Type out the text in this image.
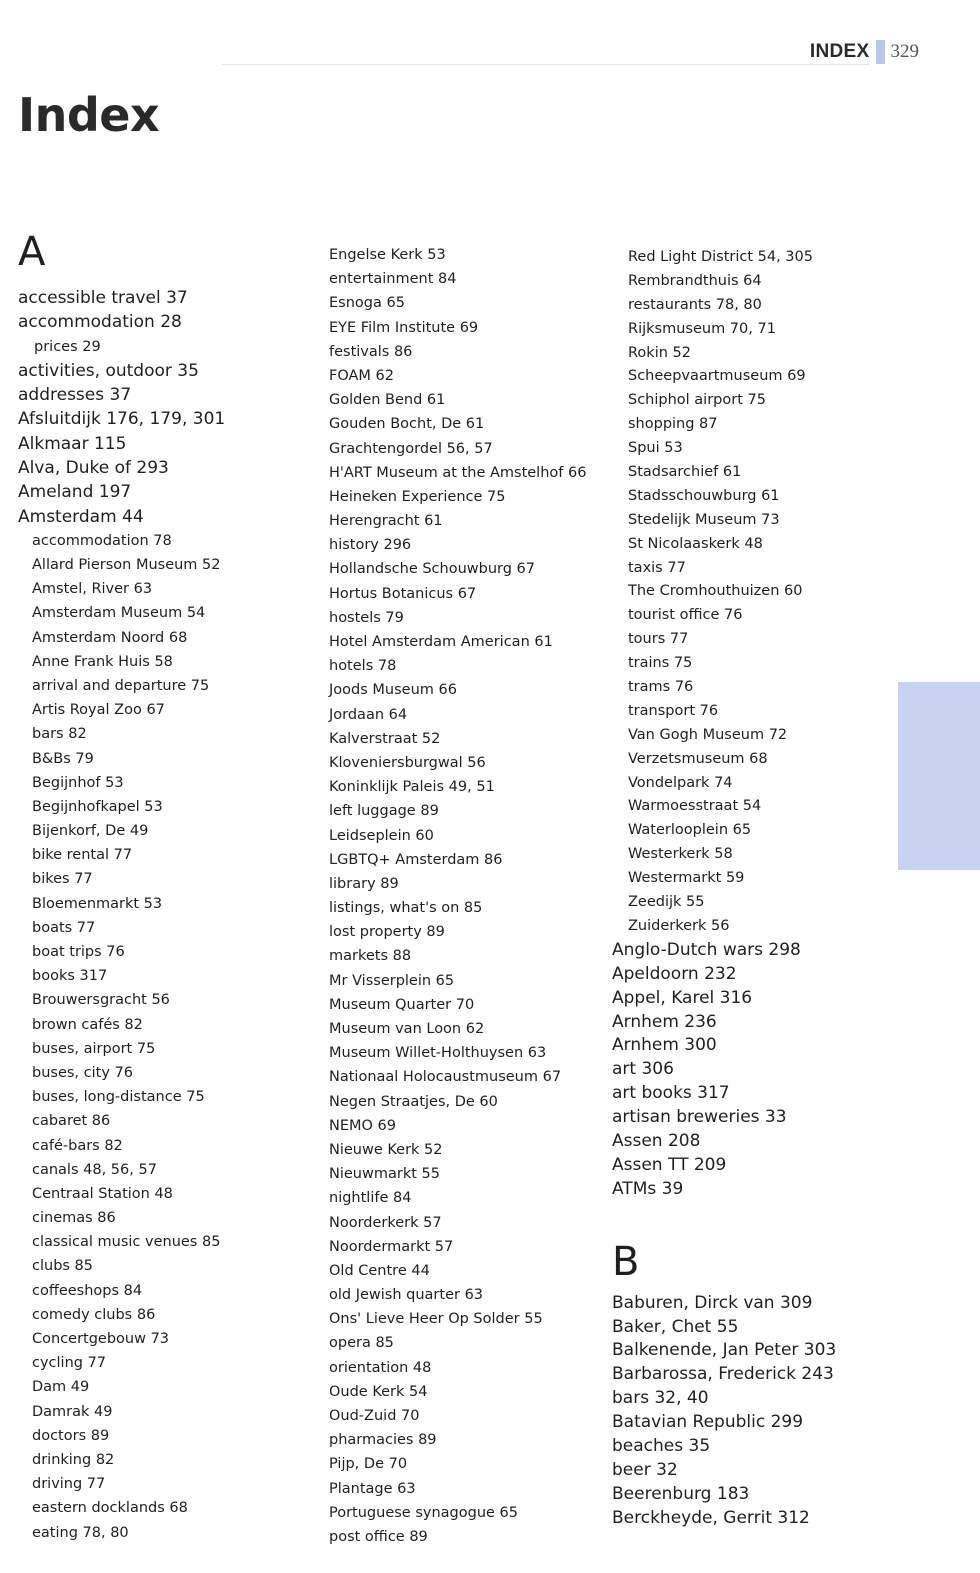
INDEX 329
Index
A
accessible travel 37
accommodation 28
prices 29
activities, outdoor 35
addresses 37
Afsluitdijk 176, 179, 301
Alkmaar 115
Alva, Duke of 293
Ameland 197
Amsterdam 44
accommodation 78
Allard Pierson Museum 52
Amstel, River 63
Amsterdam Museum 54
Amsterdam Noord 68
Anne Frank Huis 58
arrival and departure 75
Artis Royal Zoo 67
bars 82
B&Bs 79
Begijnhof 53
Begijnhofkapel 53
Bijenkorf, De 49
bike rental 77
bikes 77
Bloemenmarkt 53
boats 77
boat trips 76
books 317
Brouwersgracht 56
brown cafés 82
buses, airport 75
buses, city 76
buses, long-distance 75
cabaret 86
café-bars 82
canals 48, 56, 57
Centraal Station 48
cinemas 86
classical music venues 85
clubs 85
coffeeshops 84
comedy clubs 86
Concertgebouw 73
cycling 77
Dam 49
Damrak 49
doctors 89
drinking 82
driving 77
eastern docklands 68
eating 78, 80
Engelse Kerk 53
entertainment 84
Esnoga 65
EYE Film Institute 69
festivals 86
FOAM 62
Golden Bend 61
Gouden Bocht, De 61
Grachtengordel 56, 57
H'ART Museum at the Amstelhof 66
Heineken Experience 75
Herengracht 61
history 296
Hollandsche Schouwburg 67
Hortus Botanicus 67
hostels 79
Hotel Amsterdam American 61
hotels 78
Joods Museum 66
Jordaan 64
Kalverstraat 52
Kloveniersburgwal 56
Koninklijk Paleis 49, 51
left luggage 89
Leidseplein 60
LGBTQ+ Amsterdam 86
library 89
listings, what's on 85
lost property 89
markets 88
Mr Visserplein 65
Museum Quarter 70
Museum van Loon 62
Museum Willet-Holthuysen 63
Nationaal Holocaustmuseum 67
Negen Straatjes, De 60
NEMO 69
Nieuwe Kerk 52
Nieuwmarkt 55
nightlife 84
Noorderkerk 57
Noordermarkt 57
Old Centre 44
old Jewish quarter 63
Ons' Lieve Heer Op Solder 55
opera 85
orientation 48
Oude Kerk 54
Oud-Zuid 70
pharmacies 89
Pijp, De 70
Plantage 63
Portuguese synagogue 65
post office 89
Red Light District 54, 305
Rembrandthuis 64
restaurants 78, 80
Rijksmuseum 70, 71
Rokin 52
Scheepvaartmuseum 69
Schiphol airport 75
shopping 87
Spui 53
Stadsarchief 61
Stadsschouwburg 61
Stedelijk Museum 73
St Nicolaaskerk 48
taxis 77
The Cromhouthuizen 60
tourist office 76
tours 77
trains 75
trams 76
transport 76
Van Gogh Museum 72
Verzetsmuseum 68
Vondelpark 74
Warmoesstraat 54
Waterlooplein 65
Westerkerk 58
Westermarkt 59
Zeedijk 55
Zuiderkerk 56
Anglo-Dutch wars 298
Apeldoorn 232
Appel, Karel 316
Arnhem 236
Arnhem 300
art 306
art books 317
artisan breweries 33
Assen 208
Assen TT 209
ATMs 39
B
Baburen, Dirck van 309
Baker, Chet 55
Balkenende, Jan Peter 303
Barbarossa, Frederick 243
bars 32, 40
Batavian Republic 299
beaches 35
beer 32
Beerenburg 183
Berckheyde, Gerrit 312
